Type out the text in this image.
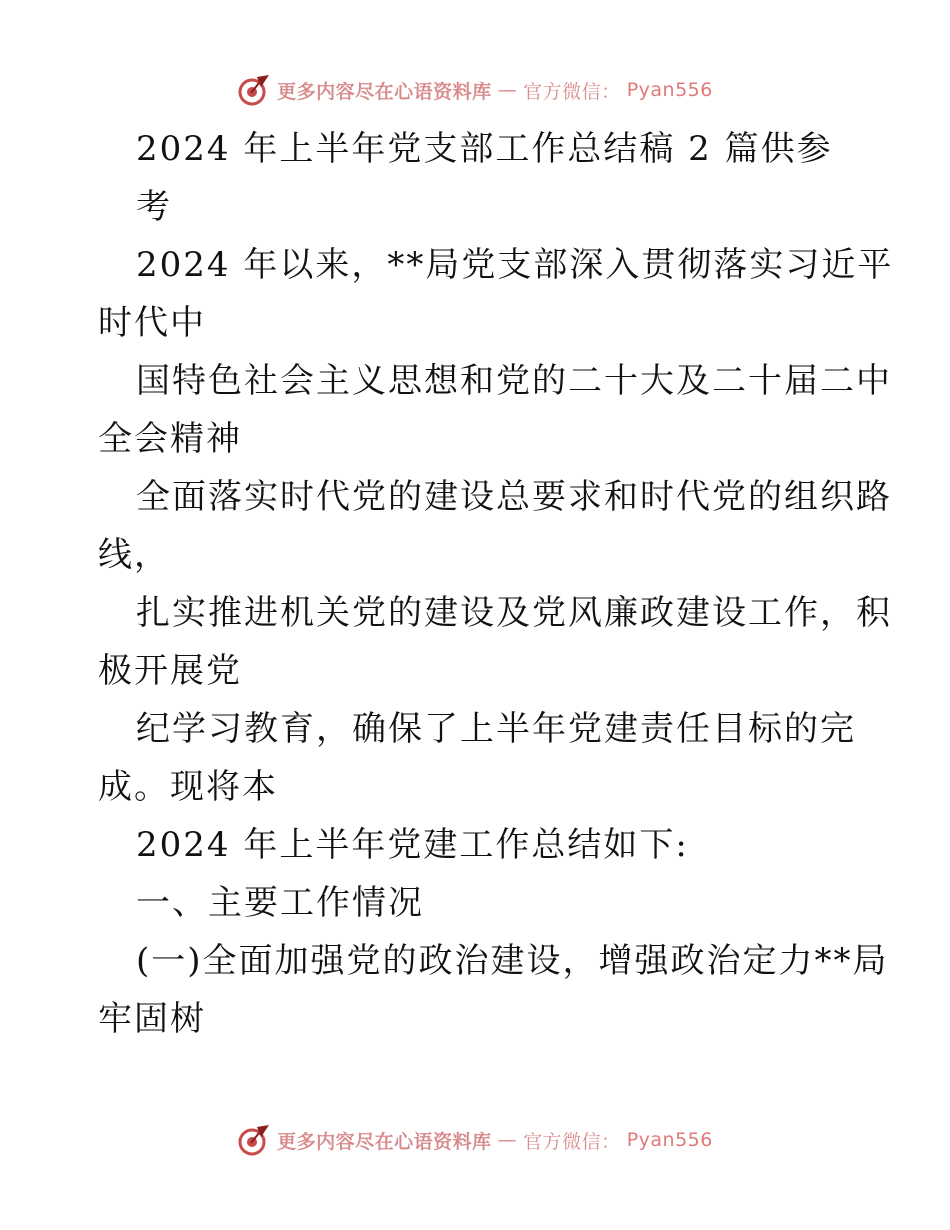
更多内容尽在心语资料库 — 官方微信： Pyan556
2024 年上半年党支部工作总结稿 2 篇供参
考
2024 年以来，**局党支部深入贯彻落实习近平
时代中
国特色社会主义思想和党的二十大及二十届二中
全会精神
全面落实时代党的建设总要求和时代党的组织路
线，
扎实推进机关党的建设及党风廉政建设工作，积
极开展党
纪学习教育，确保了上半年党建责任目标的完
成。现将本
2024 年上半年党建工作总结如下:
一、主要工作情况
(一)全面加强党的政治建设，增强政治定力**局
牢固树
更多内容尽在心语资料库 — 官方微信： Pyan556
